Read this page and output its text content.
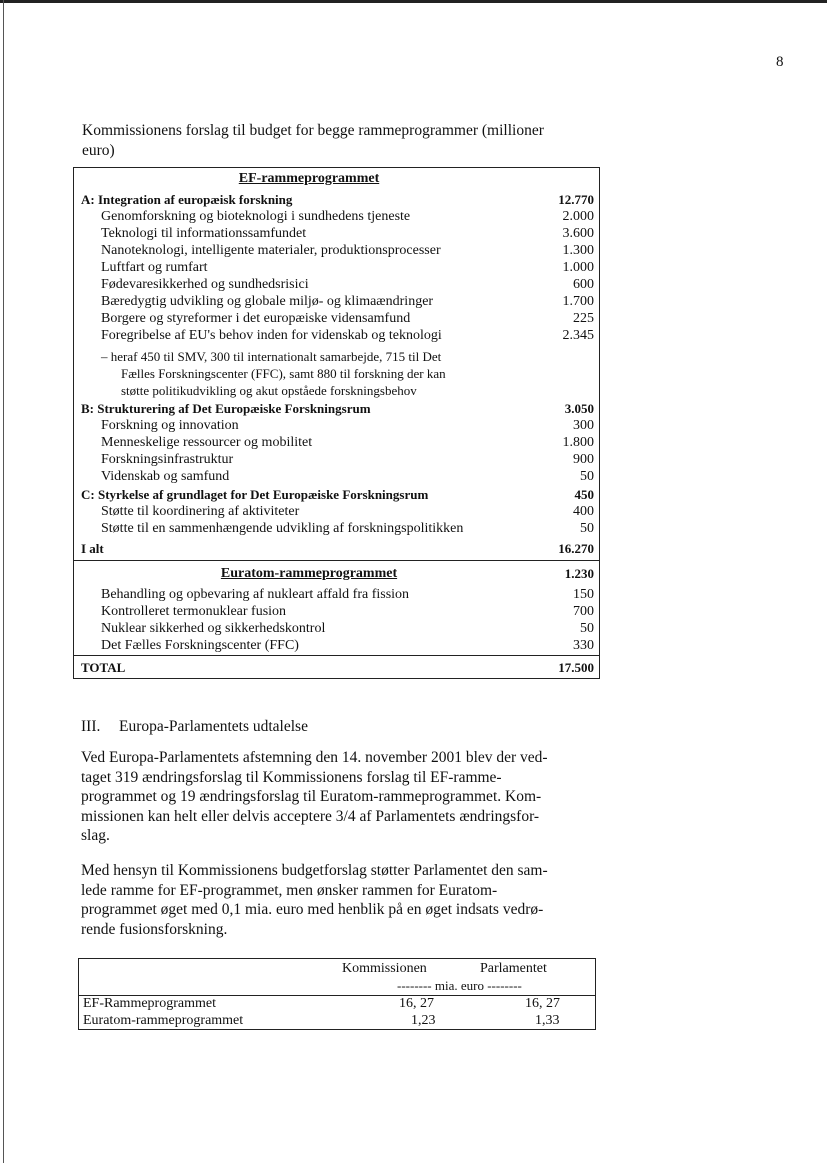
8
Kommissionens forslag til budget for begge rammeprogrammer (millioner
euro)
EF-rammeprogrammet
A: Integration af europæisk forskning	12.770
Genomforskning og bioteknologi i sundhedens tjeneste	2.000
Teknologi til informationssamfundet	3.600
Nanoteknologi, intelligente materialer, produktionsprocesser	1.300
Luftfart og rumfart	1.000
Fødevaresikkerhed og sundhedsrisici	600
Bæredygtig udvikling og globale miljø- og klimaændringer	1.700
Borgere og styreformer i det europæiske vidensamfund	225
Foregribelse af EU's behov inden for videnskab og teknologi	2.345
– heraf 450 til SMV, 300 til internationalt samarbejde, 715 til Det
Fælles Forskningscenter (FFC), samt 880 til forskning der kan
støtte politikudvikling og akut opståede forskningsbehov
B: Strukturering af Det Europæiske Forskningsrum	3.050
Forskning og innovation	300
Menneskelige ressourcer og mobilitet	1.800
Forskningsinfrastruktur	900
Videnskab og samfund	50
C: Styrkelse af grundlaget for Det Europæiske Forskningsrum	450
Støtte til koordinering af aktiviteter	400
Støtte til en sammenhængende udvikling af forskningspolitikken	50
I alt	16.270
Euratom-rammeprogrammet	1.230
Behandling og opbevaring af nukleart affald fra fission	150
Kontrolleret termonuklear fusion	700
Nuklear sikkerhed og sikkerhedskontrol	50
Det Fælles Forskningscenter (FFC)	330
TOTAL	17.500
III. Europa-Parlamentets udtalelse
Ved Europa-Parlamentets afstemning den 14. november 2001 blev der ved-
taget 319 ændringsforslag til Kommissionens forslag til EF-ramme-
programmet og 19 ændringsforslag til Euratom-rammeprogrammet. Kom-
missionen kan helt eller delvis acceptere 3/4 af Parlamentets ændringsfor-
slag.
Med hensyn til Kommissionens budgetforslag støtter Parlamentet den sam-
lede ramme for EF-programmet, men ønsker rammen for Euratom-
programmet øget med 0,1 mia. euro med henblik på en øget indsats vedrø-
rende fusionsforskning.
Kommissionen	Parlamentet
-------- mia. euro --------
EF-Rammeprogrammet	16, 27	16, 27
Euratom-rammeprogrammet	1,23	1,33
